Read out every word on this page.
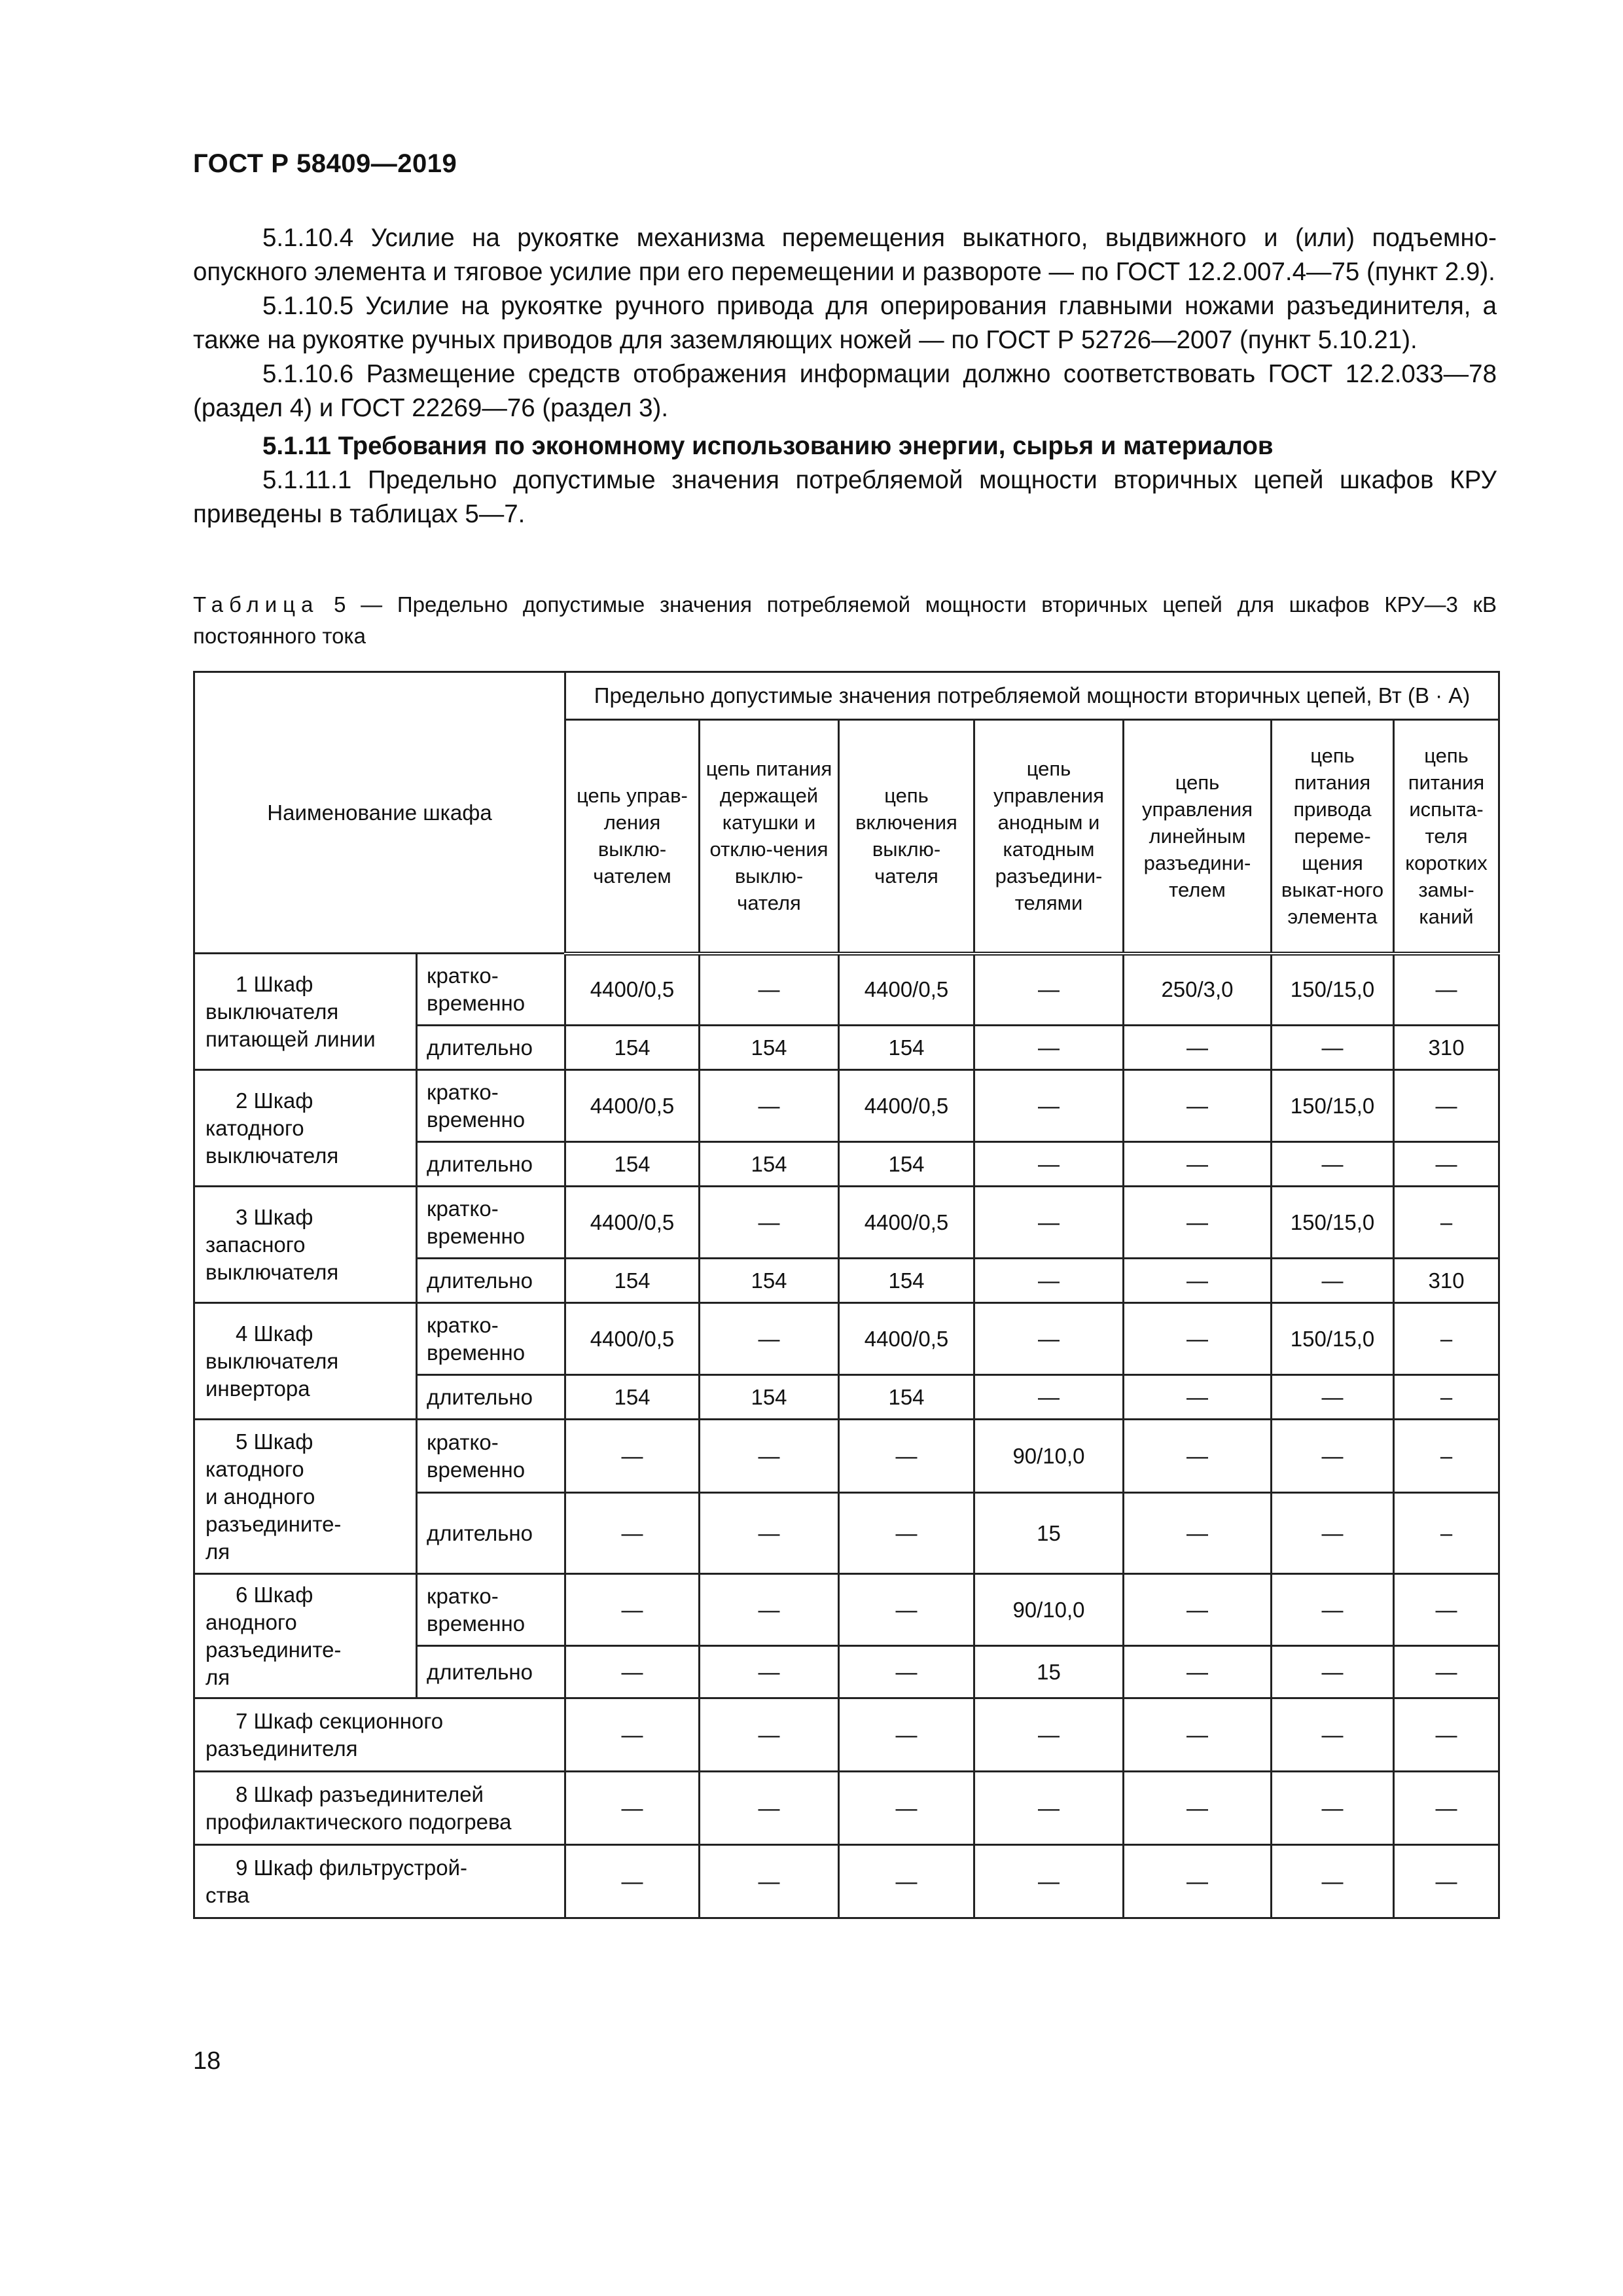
ГОСТ Р 58409—2019

5.1.10.4 Усилие на рукоятке механизма перемещения выкатного, выдвижного и (или) подъемно-опускного элемента и тяговое усилие при его перемещении и развороте — по ГОСТ 12.2.007.4—75 (пункт 2.9).

5.1.10.5 Усилие на рукоятке ручного привода для оперирования главными ножами разъединителя, а также на рукоятке ручных приводов для заземляющих ножей — по ГОСТ Р 52726—2007 (пункт 5.10.21).

5.1.10.6 Размещение средств отображения информации должно соответствовать ГОСТ 12.2.033—78 (раздел 4) и ГОСТ 22269—76 (раздел 3).

5.1.11 Требования по экономному использованию энергии, сырья и материалов

5.1.11.1 Предельно допустимые значения потребляемой мощности вторичных цепей шкафов КРУ приведены в таблицах 5—7.

Таблица 5 — Предельно допустимые значения потребляемой мощности вторичных цепей для шкафов КРУ—3 кВ постоянного тока
Наименование шкафа		Предельно допустимые значения потребляемой мощности вторичных цепей, Вт (В · А)						
		цепь управ-ления выклю-чателем	цепь питания держащей катушки и отклю-чения выклю-чателя	цепь включения выклю-чателя	цепь управления анодным и катодным разъедини-телями	цепь управления линейным разъедини-телем	цепь питания привода переме-щения выкат-ного элемента	цепь питания испыта-теля коротких замы-каний

1 Шкаф
выключателя
питающей линии	кратко-временно	4400/0,5	—	4400/0,5	—	250/3,0	150/15,0	—
	длительно	154	154	154	—	—	—	310

2 Шкаф
катодного
выключателя	кратко-временно	4400/0,5	—	4400/0,5	—	—	150/15,0	—
	длительно	154	154	154	—	—	—	—

3 Шкаф
запасного
выключателя	кратко-временно	4400/0,5	—	4400/0,5	—	—	150/15,0	–
	длительно	154	154	154	—	—	—	310

4 Шкаф
выключателя
инвертора	кратко-временно	4400/0,5	—	4400/0,5	—	—	150/15,0	–
	длительно	154	154	154	—	—	—	–

5 Шкаф
катодного
и анодного
разъедините-
ля	кратко-временно	—	—	—	90/10,0	—	—	–
	длительно	—	—	—	15	—	—	–

6 Шкаф
анодного
разъедините-
ля	кратко-временно	—	—	—	90/10,0	—	—	—
	длительно	—	—	—	15	—	—	—

7 Шкаф секционного
разъединителя		—	—	—	—	—	—	—

8 Шкаф разъединителей
профилактического подогрева		—	—	—	—	—	—	—

9 Шкаф фильтрустрой-
ства		—	—	—	—	—	—	—
18
